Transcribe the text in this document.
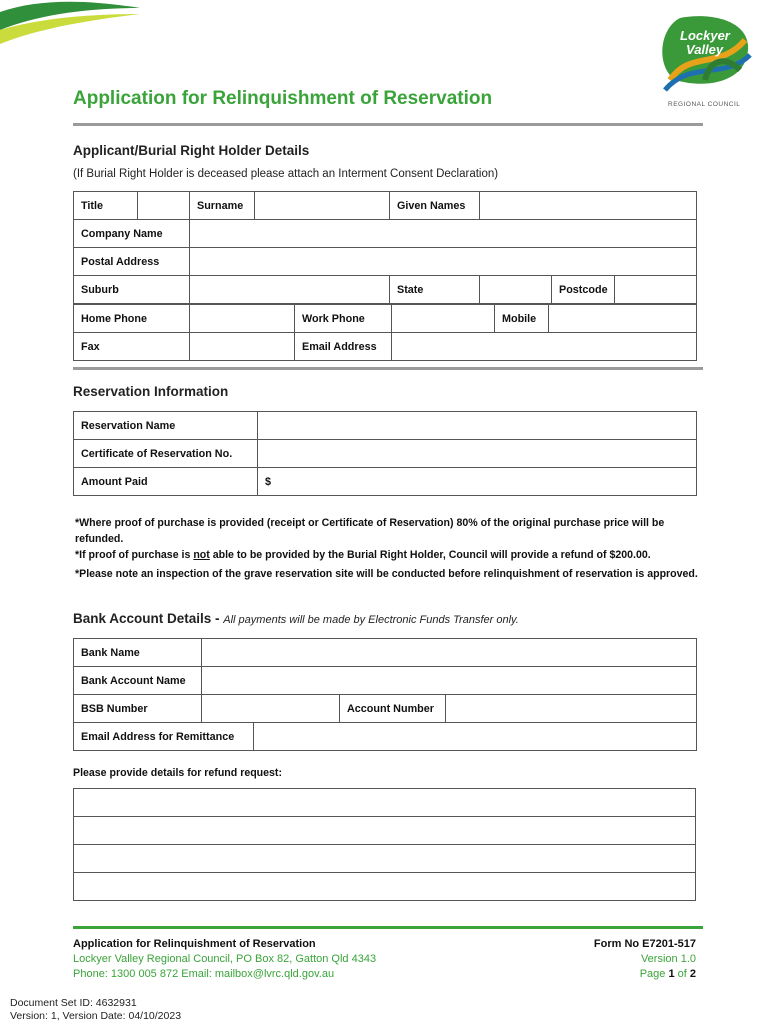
Lockyer
Valley
REGIONAL COUNCIL
Application for Relinquishment of Reservation
Applicant/Burial Right Holder Details
(If Burial Right Holder is deceased please attach an Interment Consent Declaration)
Title		Surname		Given Names			
Company Name							
Postal Address							
Suburb				State		Postcode	
Home Phone		Work Phone		Mobile	
Fax		Email Address			
Reservation Information
Reservation Name	
Certificate of Reservation No.	
Amount Paid	$
*Where proof of purchase is provided (receipt or Certificate of Reservation) 80% of the original purchase price will be refunded.
*If proof of purchase is not able to be provided by the Burial Right Holder, Council will provide a refund of $200.00.
*Please note an inspection of the grave reservation site will be conducted before relinquishment of reservation is approved.
Bank Account Details - All payments will be made by Electronic Funds Transfer only.
Bank Name				
Bank Account Name				
BSB Number			Account Number	
Email Address for Remittance				
Please provide details for refund request:

Application for Relinquishment of Reservation
Lockyer Valley Regional Council, PO Box 82, Gatton Qld 4343
Phone: 1300 005 872 Email: mailbox@lvrc.qld.gov.au
Form No E7201-517
Version 1.0
Page 1 of 2
Document Set ID: 4632931
Version: 1, Version Date: 04/10/2023
